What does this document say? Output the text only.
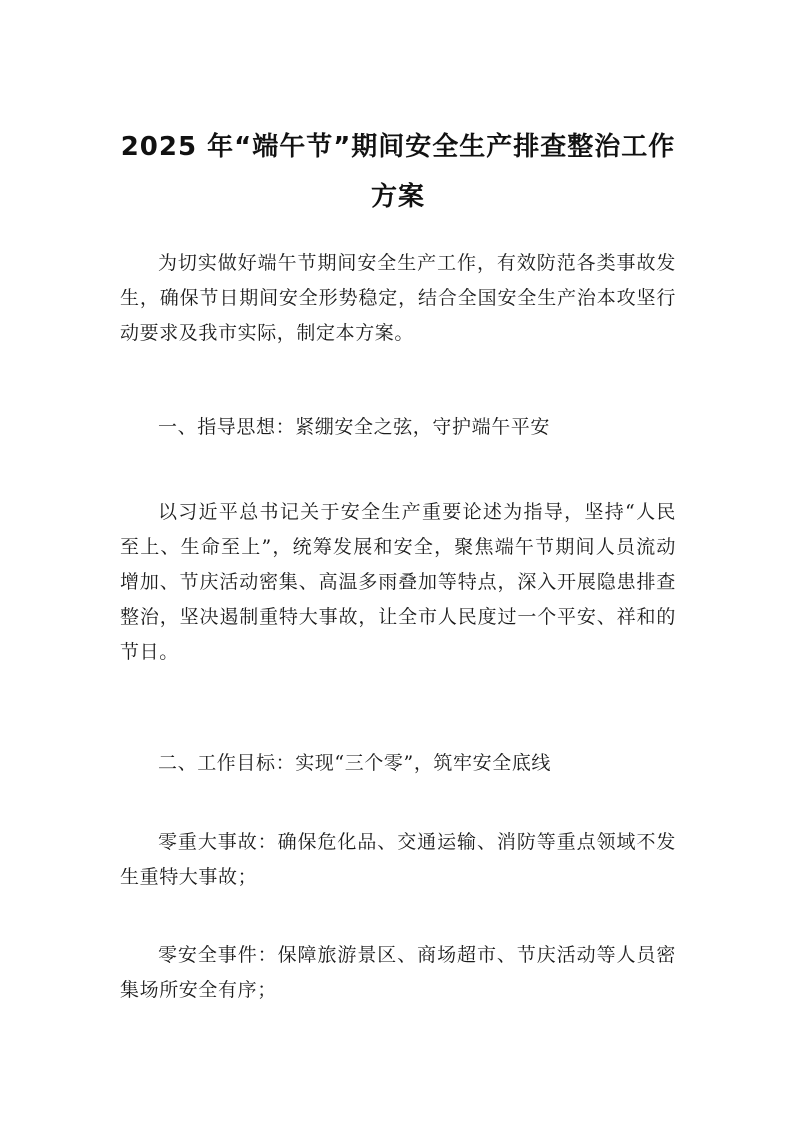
2025 年“端午节”期间安全生产排查整治工作方案

为切实做好端午节期间安全生产工作，有效防范各类事故发生，确保节日期间安全形势稳定，结合全国安全生产治本攻坚行动要求及我市实际，制定本方案。

一、指导思想：紧绷安全之弦，守护端午平安

以习近平总书记关于安全生产重要论述为指导，坚持“人民至上、生命至上”，统筹发展和安全，聚焦端午节期间人员流动增加、节庆活动密集、高温多雨叠加等特点，深入开展隐患排查整治，坚决遏制重特大事故，让全市人民度过一个平安、祥和的节日。

二、工作目标：实现“三个零”，筑牢安全底线

零重大事故：确保危化品、交通运输、消防等重点领域不发生重特大事故；

零安全事件：保障旅游景区、商场超市、节庆活动等人员密集场所安全有序；
